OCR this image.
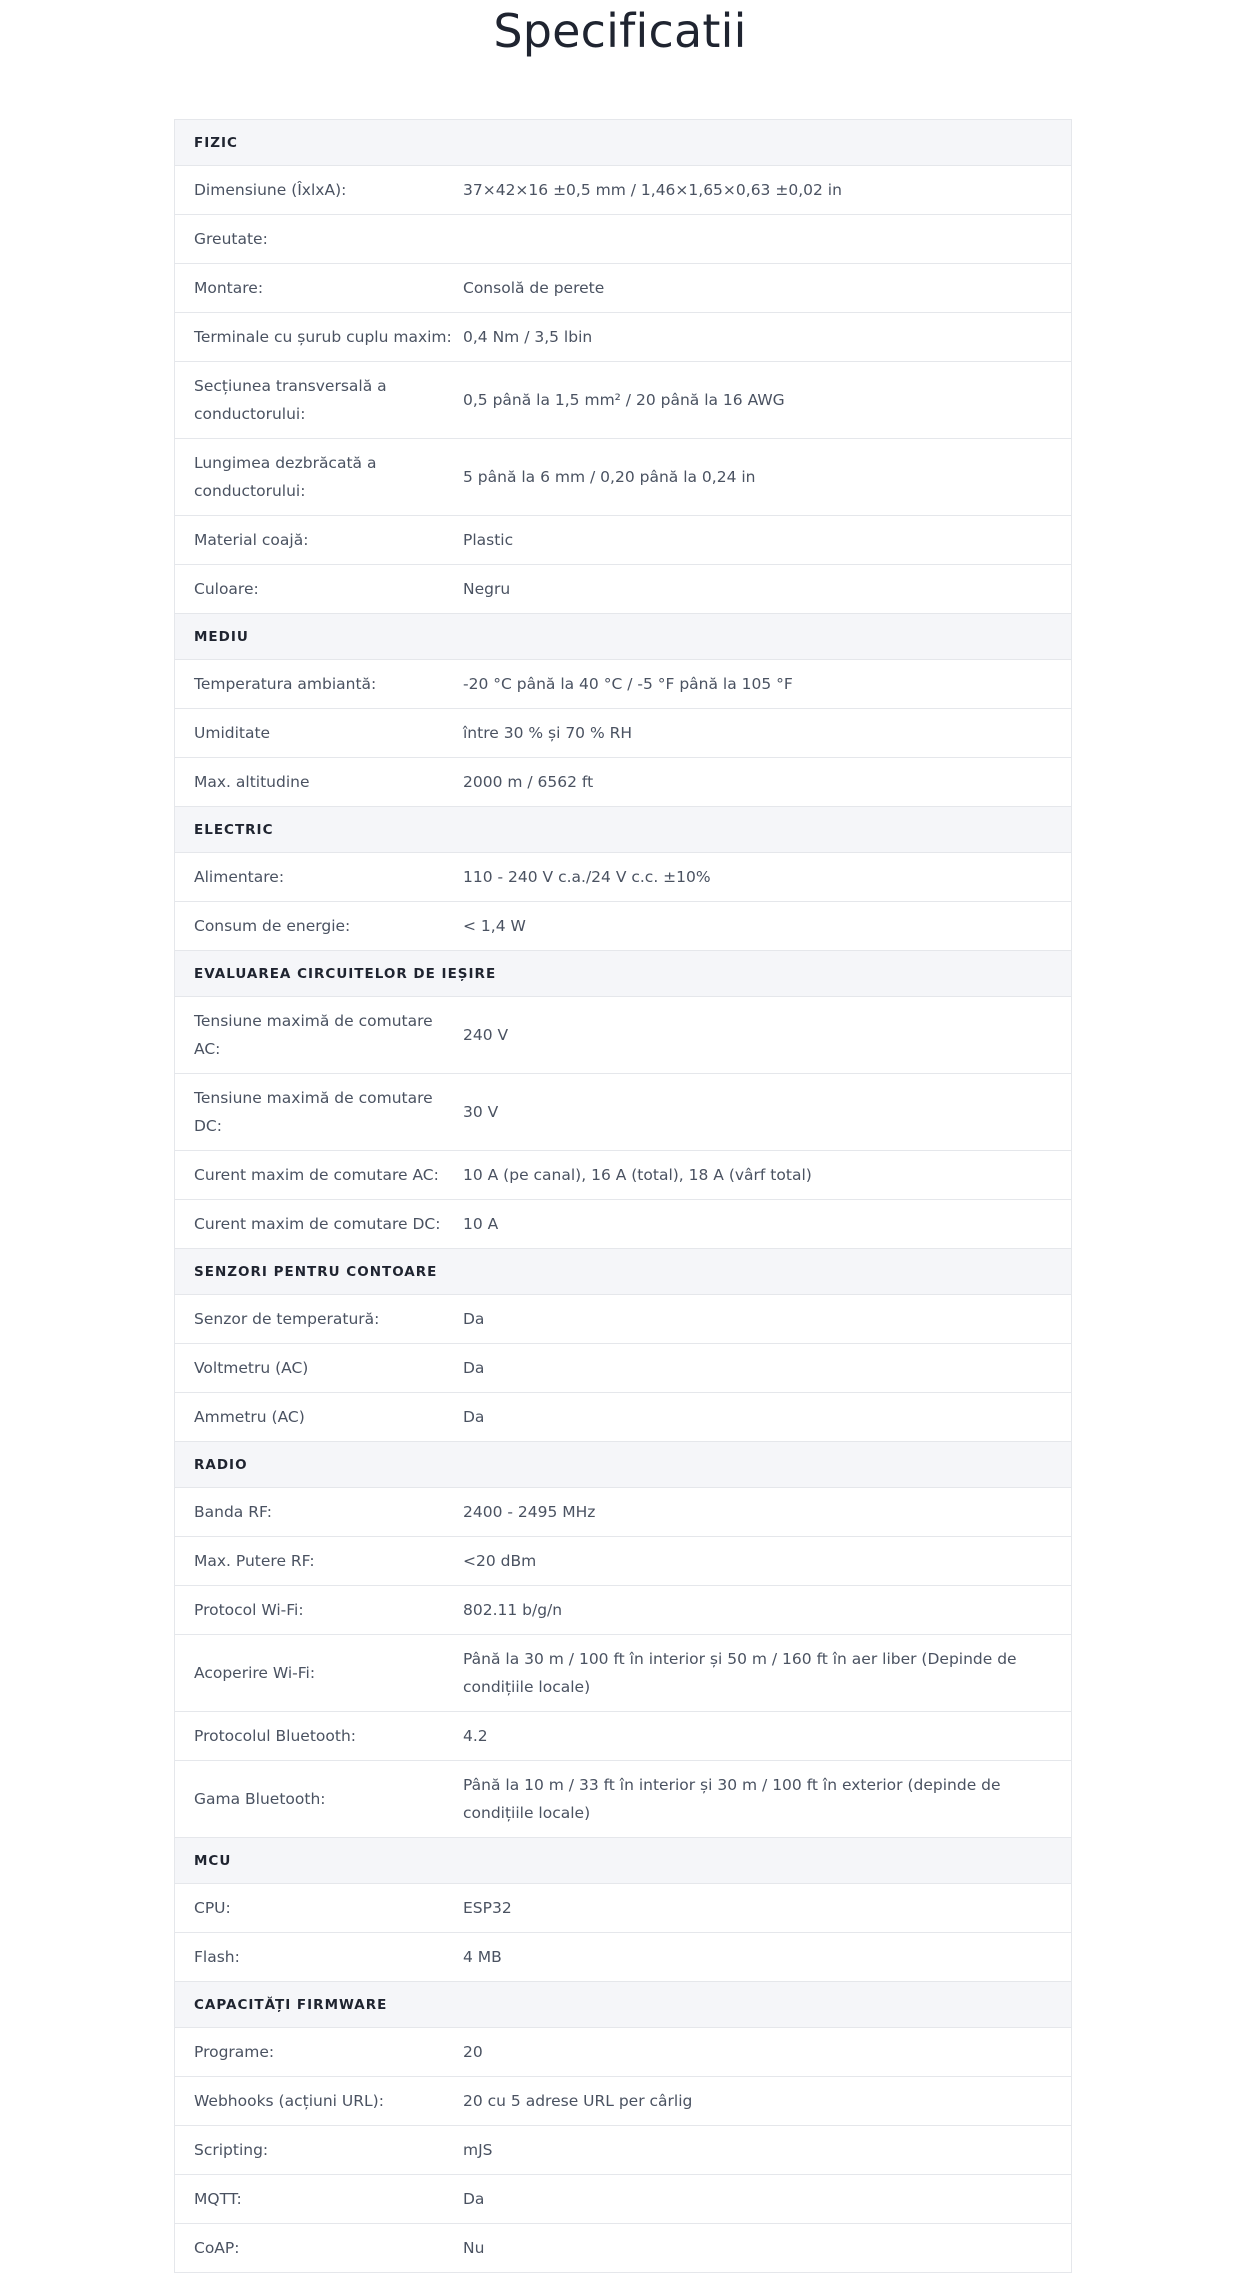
Specificatii
FIZIC
Dimensiune (ÎxlxA):	37×42×16 ±0,5 mm / 1,46×1,65×0,63 ±0,02 in
Greutate:
Montare:	Consolă de perete
Terminale cu șurub cuplu maxim: 0,4 Nm / 3,5 lbin
Secțiunea transversală a conductorului:
0,5 până la 1,5 mm² / 20 până la 16 AWG
Lungimea dezbrăcată a conductorului:
5 până la 6 mm / 0,20 până la 0,24 in
Material coajă:	Plastic
Culoare:	Negru
MEDIU
Temperatura ambiantă:	-20 °C până la 40 °C / -5 °F până la 105 °F
Umiditate	între 30 % și 70 % RH
Max. altitudine	2000 m / 6562 ft
ELECTRIC
Alimentare:	110 - 240 V c.a./24 V c.c. ±10%
Consum de energie:	< 1,4 W
EVALUAREA CIRCUITELOR DE IEȘIRE
Tensiune maximă de comutare AC:
240 V
Tensiune maximă de comutare DC:
30 V
Curent maxim de comutare AC: 10 A (pe canal), 16 A (total), 18 A (vârf total)
Curent maxim de comutare DC: 10 A
SENZORI PENTRU CONTOARE
Senzor de temperatură:	Da
Voltmetru (AC)	Da
Ammetru (AC)	Da
RADIO
Banda RF:	2400 - 2495 MHz
Max. Putere RF:	<20 dBm
Protocol Wi-Fi:	802.11 b/g/n
Acoperire Wi-Fi:
Până la 30 m / 100 ft în interior și 50 m / 160 ft în aer liber (Depinde de condițiile locale)
Protocolul Bluetooth:	4.2
Gama Bluetooth:
Până la 10 m / 33 ft în interior și 30 m / 100 ft în exterior (depinde de condițiile locale)
MCU
CPU:	ESP32
Flash:	4 MB
CAPACITĂȚI FIRMWARE
Programe:	20
Webhooks (acțiuni URL):	20 cu 5 adrese URL per cârlig
Scripting:	mJS
MQTT:	Da
CoAP:	Nu
